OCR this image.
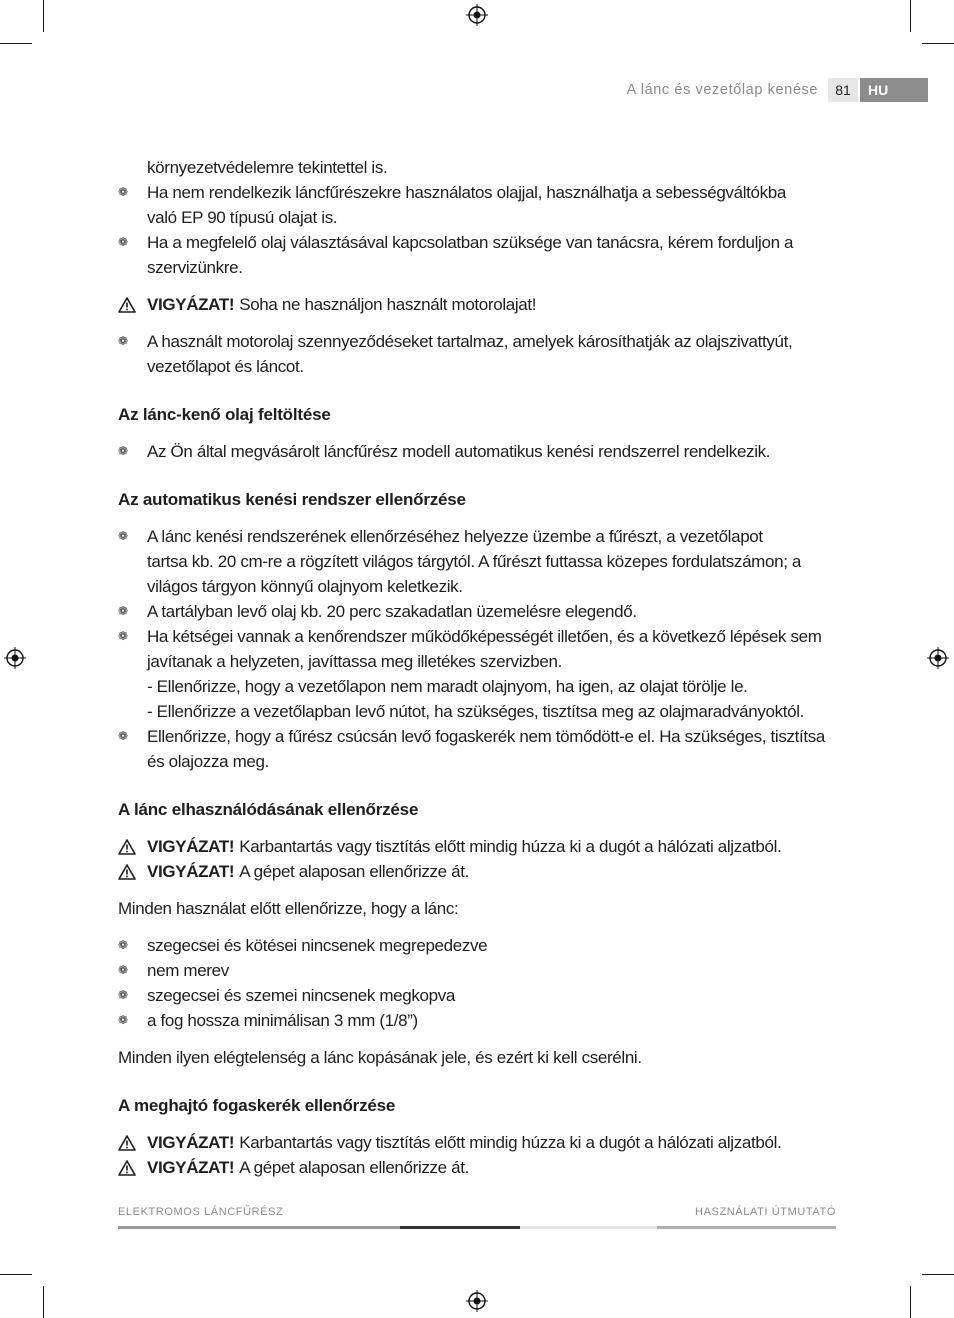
A lánc és vezetőlap kenése	81	HU
környezetvédelemre tekintettel is.
❁ Ha nem rendelkezik láncfűrészekre használatos olajjal, használhatja a sebességváltókba
való EP 90 típusú olajat is.
❁ Ha a megfelelő olaj választásával kapcsolatban szüksége van tanácsra, kérem forduljon a
szervizünkre.
VIGYÁZAT! Soha ne használjon használt motorolajat!
❁ A használt motorolaj szennyeződéseket tartalmaz, amelyek károsíthatják az olajszivattyút,
vezetőlapot és láncot.
Az lánc-kenő olaj feltöltése
❁ Az Ön által megvásárolt láncfűrész modell automatikus kenési rendszerrel rendelkezik.
Az automatikus kenési rendszer ellenőrzése
❁ A lánc kenési rendszerének ellenőrzéséhez helyezze üzembe a fűrészt, a vezetőlapot
tartsa kb. 20 cm-re a rögzített világos tárgytól. A fűrészt futtassa közepes fordulatszámon; a
világos tárgyon könnyű olajnyom keletkezik.
❁ A tartályban levő olaj kb. 20 perc szakadatlan üzemelésre elegendő.
❁ Ha kétségei vannak a kenőrendszer működőképességét illetően, és a következő lépések sem
javítanak a helyzeten, javíttassa meg illetékes szervizben.
- Ellenőrizze, hogy a vezetőlapon nem maradt olajnyom, ha igen, az olajat törölje le.
- Ellenőrizze a vezetőlapban levő nútot, ha szükséges, tisztítsa meg az olajmaradványoktól.
❁ Ellenőrizze, hogy a fűrész csúcsán levő fogaskerék nem tömődött-e el. Ha szükséges, tisztítsa
és olajozza meg.
A lánc elhasználódásának ellenőrzése
VIGYÁZAT! Karbantartás vagy tisztítás előtt mindig húzza ki a dugót a hálózati aljzatból.
VIGYÁZAT! A gépet alaposan ellenőrizze át.
Minden használat előtt ellenőrizze, hogy a lánc:
❁ szegecsei és kötései nincsenek megrepedezve
❁ nem merev
❁ szegecsei és szemei nincsenek megkopva
❁ a fog hossza minimálisan 3 mm (1/8”)
Minden ilyen elégtelenség a lánc kopásának jele, és ezért ki kell cserélni.
A meghajtó fogaskerék ellenőrzése
VIGYÁZAT! Karbantartás vagy tisztítás előtt mindig húzza ki a dugót a hálózati aljzatból.
VIGYÁZAT! A gépet alaposan ellenőrizze át.
ELEKTROMOS LÁNCFŰRÉSZ	HASZNÁLATI ÚTMUTATÓ
